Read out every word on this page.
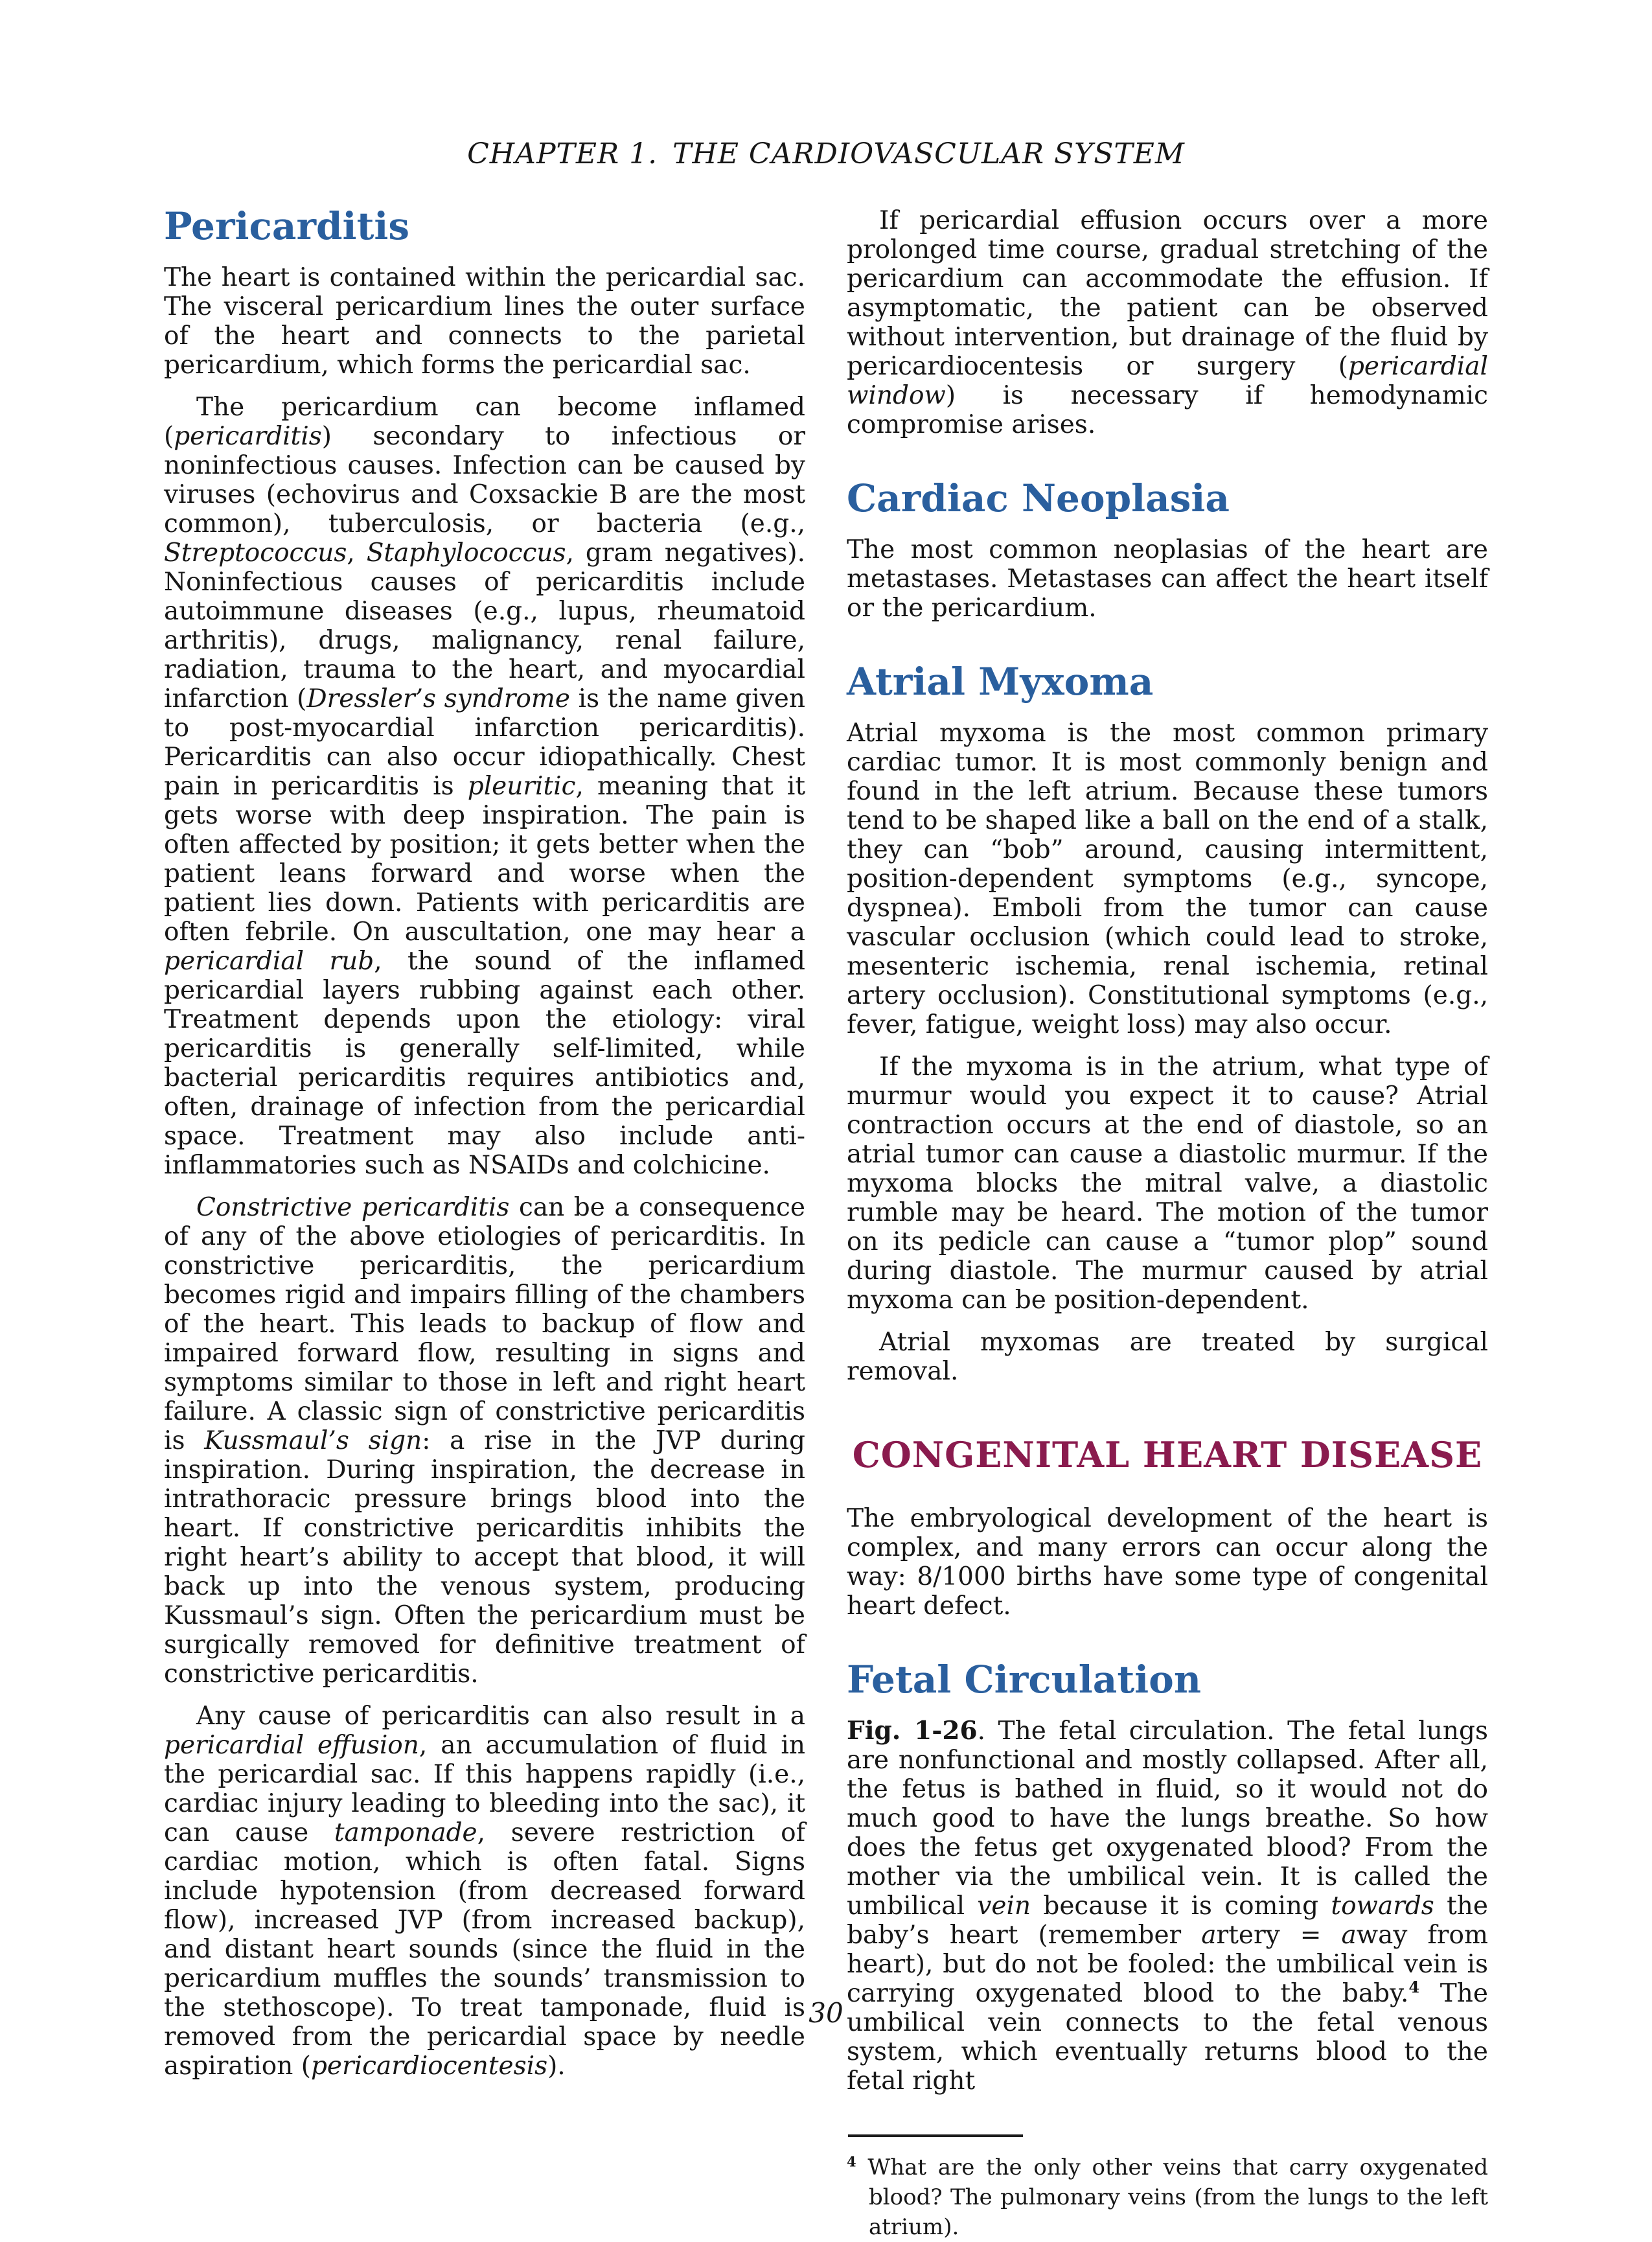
CHAPTER 1. THE CARDIOVASCULAR SYSTEM
Pericarditis

The heart is contained within the pericardial sac. The visceral pericardium lines the outer surface of the heart and connects to the parietal pericardium, which forms the pericardial sac.

The pericardium can become inflamed (pericarditis) secondary to infectious or noninfectious causes. Infection can be caused by viruses (echovirus and Coxsackie B are the most common), tuberculosis, or bacteria (e.g., Streptococcus, Staphylococcus, gram negatives). Noninfectious causes of pericarditis include autoimmune diseases (e.g., lupus, rheumatoid arthritis), drugs, malignancy, renal failure, radiation, trauma to the heart, and myocardial infarction (Dressler’s syndrome is the name given to post-myocardial infarction pericarditis). Pericarditis can also occur idiopathically. Chest pain in pericarditis is pleuritic, meaning that it gets worse with deep inspiration. The pain is often affected by position; it gets better when the patient leans forward and worse when the patient lies down. Patients with pericarditis are often febrile. On auscultation, one may hear a pericardial rub, the sound of the inflamed pericardial layers rubbing against each other. Treatment depends upon the etiology: viral pericarditis is generally self-limited, while bacterial pericarditis requires antibiotics and, often, drainage of infection from the pericardial space. Treatment may also include anti-inflammatories such as NSAIDs and colchicine.

Constrictive pericarditis can be a consequence of any of the above etiologies of pericarditis. In constrictive pericarditis, the pericardium becomes rigid and impairs filling of the chambers of the heart. This leads to backup of flow and impaired forward flow, resulting in signs and symptoms similar to those in left and right heart failure. A classic sign of constrictive pericarditis is Kussmaul’s sign: a rise in the JVP during inspiration. During inspiration, the decrease in intrathoracic pressure brings blood into the heart. If constrictive pericarditis inhibits the right heart’s ability to accept that blood, it will back up into the venous system, producing Kussmaul’s sign. Often the pericardium must be surgically removed for definitive treatment of constrictive pericarditis.

Any cause of pericarditis can also result in a pericardial effusion, an accumulation of fluid in the pericardial sac. If this happens rapidly (i.e., cardiac injury leading to bleeding into the sac), it can cause tamponade, severe restriction of cardiac motion, which is often fatal. Signs include hypotension (from decreased forward flow), increased JVP (from increased backup), and distant heart sounds (since the fluid in the pericardium muffles the sounds’ transmission to the stethoscope). To treat tamponade, fluid is removed from the pericardial space by needle aspiration (pericardiocentesis).

If pericardial effusion occurs over a more prolonged time course, gradual stretching of the pericardium can accommodate the effusion. If asymptomatic, the patient can be observed without intervention, but drainage of the fluid by pericardiocentesis or surgery (pericardial window) is necessary if hemodynamic compromise arises.

Cardiac Neoplasia

The most common neoplasias of the heart are metastases. Metastases can affect the heart itself or the pericardium.

Atrial Myxoma

Atrial myxoma is the most common primary cardiac tumor. It is most commonly benign and found in the left atrium. Because these tumors tend to be shaped like a ball on the end of a stalk, they can “bob” around, causing intermittent, position-dependent symptoms (e.g., syncope, dyspnea). Emboli from the tumor can cause vascular occlusion (which could lead to stroke, mesenteric ischemia, renal ischemia, retinal artery occlusion). Constitutional symptoms (e.g., fever, fatigue, weight loss) may also occur.

If the myxoma is in the atrium, what type of murmur would you expect it to cause? Atrial contraction occurs at the end of diastole, so an atrial tumor can cause a diastolic murmur. If the myxoma blocks the mitral valve, a diastolic rumble may be heard. The motion of the tumor on its pedicle can cause a “tumor plop” sound during diastole. The murmur caused by atrial myxoma can be position-dependent.

Atrial myxomas are treated by surgical removal.

CONGENITAL HEART DISEASE

The embryological development of the heart is complex, and many errors can occur along the way: 8/1000 births have some type of congenital heart defect.

Fetal Circulation

Fig. 1-26. The fetal circulation. The fetal lungs are nonfunctional and mostly collapsed. After all, the fetus is bathed in fluid, so it would not do much good to have the lungs breathe. So how does the fetus get oxygenated blood? From the mother via the umbilical vein. It is called the umbilical vein because it is coming towards the baby’s heart (remember artery = away from heart), but do not be fooled: the umbilical vein is carrying oxygenated blood to the baby.$^4$ The umbilical vein connects to the fetal venous system, which eventually returns blood to the fetal right

$^4$ What are the only other veins that carry oxygenated blood? The pulmonary veins (from the lungs to the left atrium).

30
